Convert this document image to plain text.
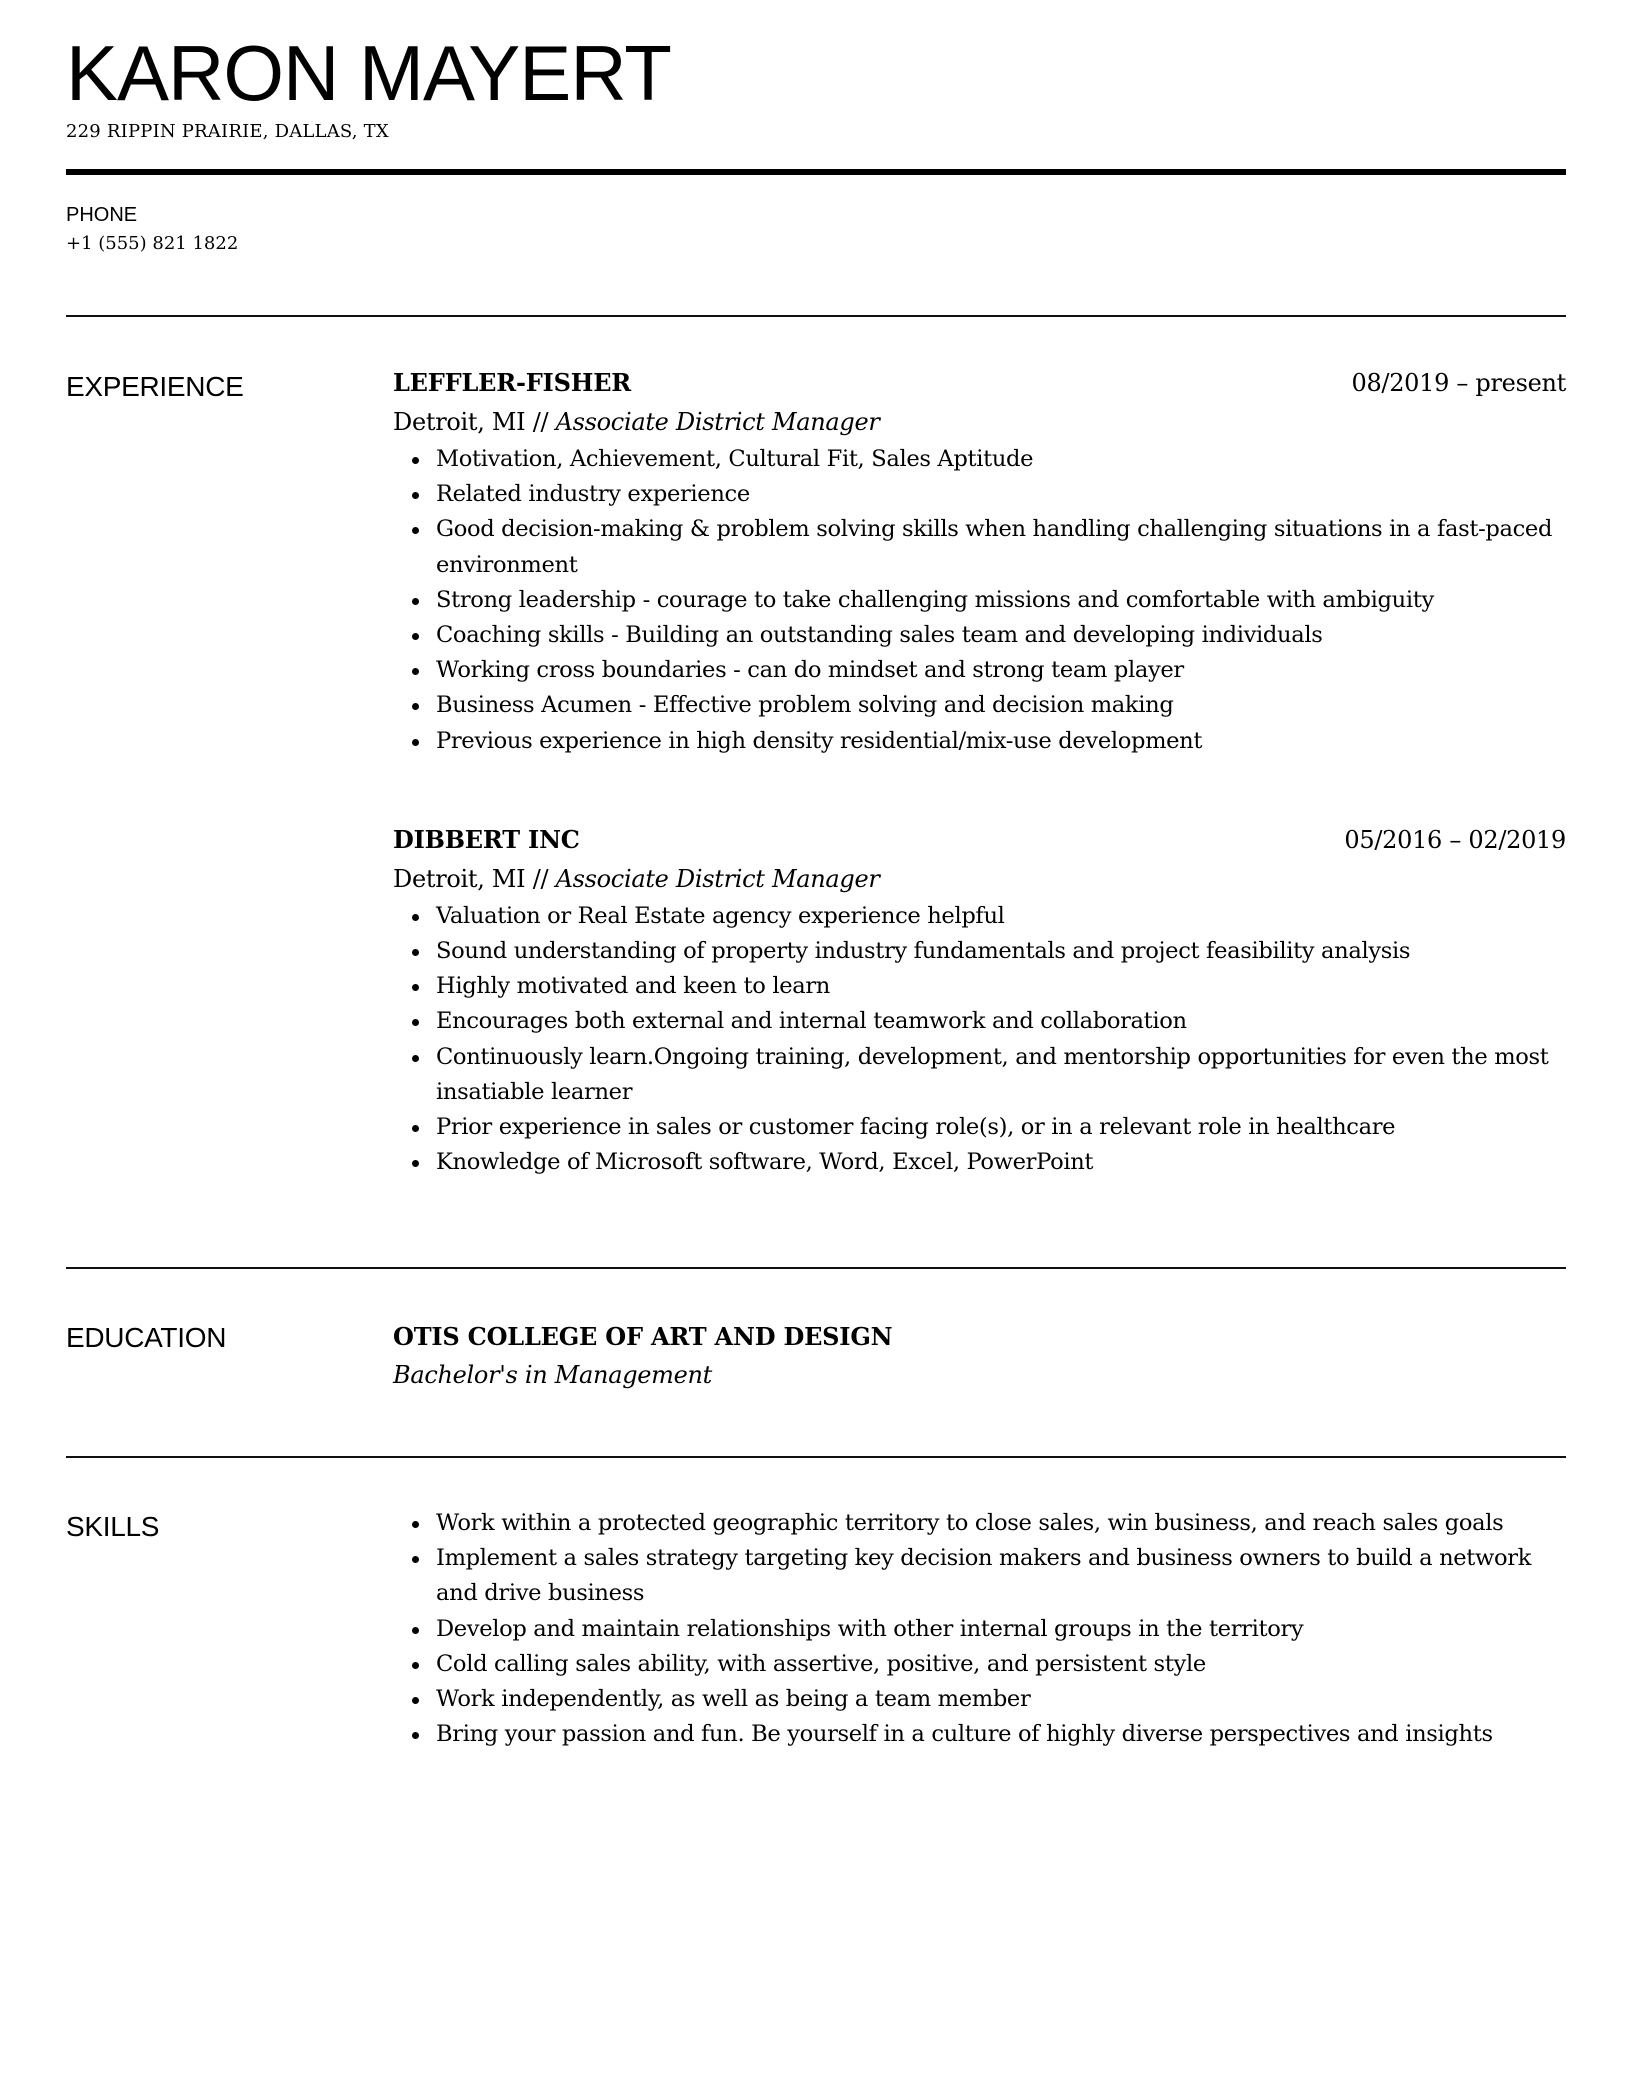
KARON MAYERT
229 RIPPIN PRAIRIE, DALLAS, TX
PHONE
+1 (555) 821 1822
EXPERIENCE	LEFFLER-FISHER	08/2019 – present
Detroit, MI // Associate District Manager
Motivation, Achievement, Cultural Fit, Sales Aptitude
Related industry experience
Good decision-making & problem solving skills when handling challenging situations in a fast-paced environment
Strong leadership - courage to take challenging missions and comfortable with ambiguity
Coaching skills - Building an outstanding sales team and developing individuals
Working cross boundaries - can do mindset and strong team player
Business Acumen - Effective problem solving and decision making
Previous experience in high density residential/mix-use development
DIBBERT INC	05/2016 – 02/2019
Detroit, MI // Associate District Manager
Valuation or Real Estate agency experience helpful
Sound understanding of property industry fundamentals and project feasibility analysis
Highly motivated and keen to learn
Encourages both external and internal teamwork and collaboration
Continuously learn.Ongoing training, development, and mentorship opportunities for even the most insatiable learner
Prior experience in sales or customer facing role(s), or in a relevant role in healthcare
Knowledge of Microsoft software, Word, Excel, PowerPoint
EDUCATION	OTIS COLLEGE OF ART AND DESIGN
Bachelor's in Management
SKILLS	Work within a protected geographic territory to close sales, win business, and reach sales goals
Implement a sales strategy targeting key decision makers and business owners to build a network and drive business
Develop and maintain relationships with other internal groups in the territory
Cold calling sales ability, with assertive, positive, and persistent style
Work independently, as well as being a team member
Bring your passion and fun. Be yourself in a culture of highly diverse perspectives and insights
